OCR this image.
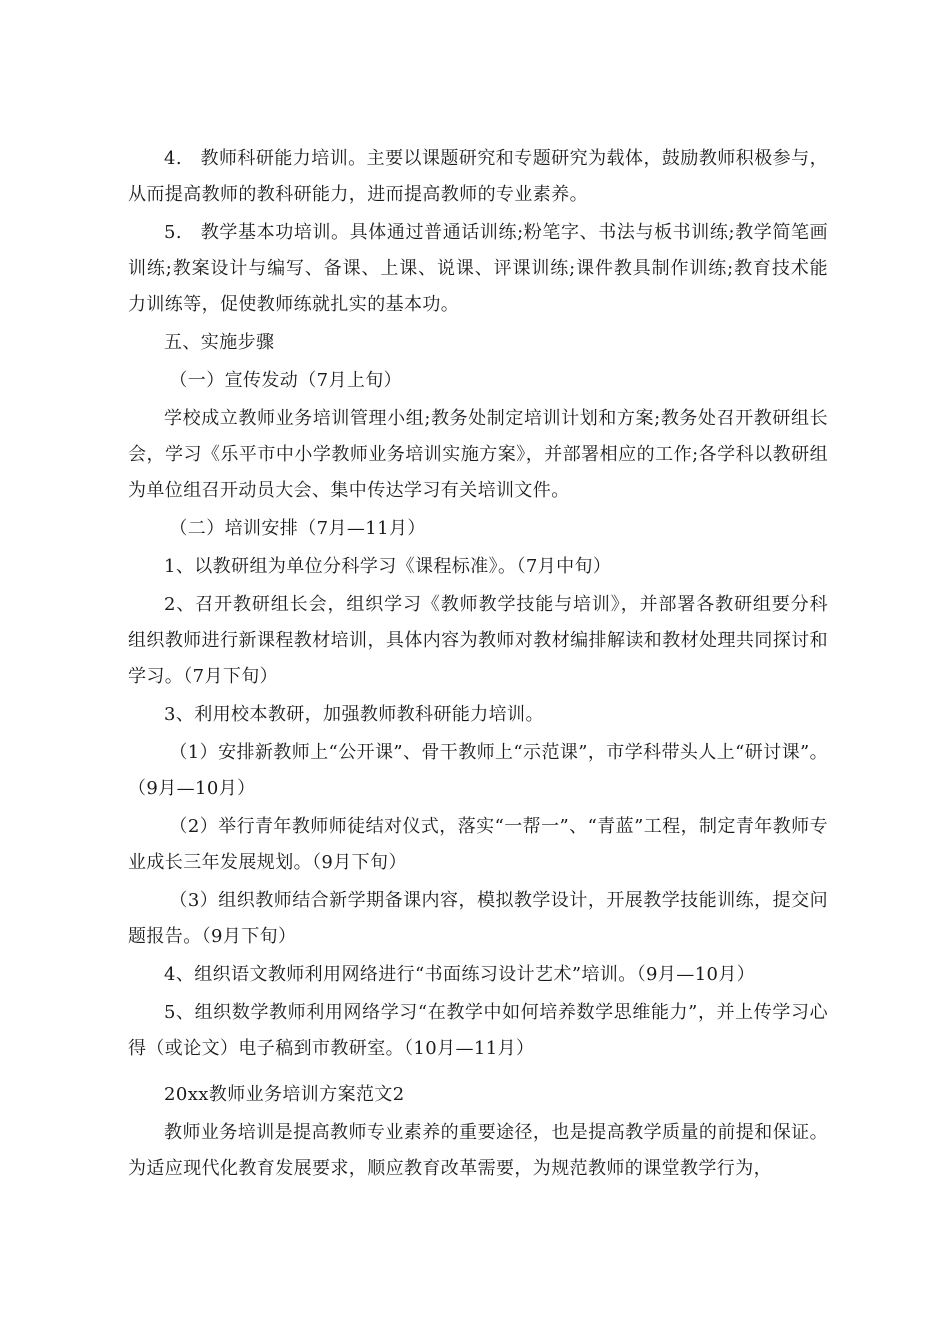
4.　教师科研能力培训。主要以课题研究和专题研究为载体，鼓励教师积极参与，从而提高教师的教科研能力，进而提高教师的专业素养。

5.　教学基本功培训。具体通过普通话训练;粉笔字、书法与板书训练;教学简笔画训练;教案设计与编写、备课、上课、说课、评课训练;课件教具制作训练;教育技术能力训练等，促使教师练就扎实的基本功。

五、实施步骤

（一）宣传发动（7月上旬）

学校成立教师业务培训管理小组;教务处制定培训计划和方案;教务处召开教研组长会，学习《乐平市中小学教师业务培训实施方案》，并部署相应的工作;各学科以教研组为单位组召开动员大会、集中传达学习有关培训文件。

（二）培训安排（7月—11月）

1、以教研组为单位分科学习《课程标准》。（7月中旬）

2、召开教研组长会，组织学习《教师教学技能与培训》，并部署各教研组要分科组织教师进行新课程教材培训，具体内容为教师对教材编排解读和教材处理共同探讨和学习。（7月下旬）

3、利用校本教研，加强教师教科研能力培训。

（1）安排新教师上“公开课”、骨干教师上“示范课”，市学科带头人上“研讨课”。（9月—10月）

（2）举行青年教师师徒结对仪式，落实“一帮一”、“青蓝”工程，制定青年教师专业成长三年发展规划。（9月下旬）

（3）组织教师结合新学期备课内容，模拟教学设计，开展教学技能训练，提交问题报告。（9月下旬）

4、组织语文教师利用网络进行“书面练习设计艺术”培训。（9月—10月）

5、组织数学教师利用网络学习“在教学中如何培养数学思维能力”，并上传学习心得（或论文）电子稿到市教研室。（10月—11月）

20xx教师业务培训方案范文2

教师业务培训是提高教师专业素养的重要途径，也是提高教学质量的前提和保证。为适应现代化教育发展要求，顺应教育改革需要，为规范教师的课堂教学行为，
